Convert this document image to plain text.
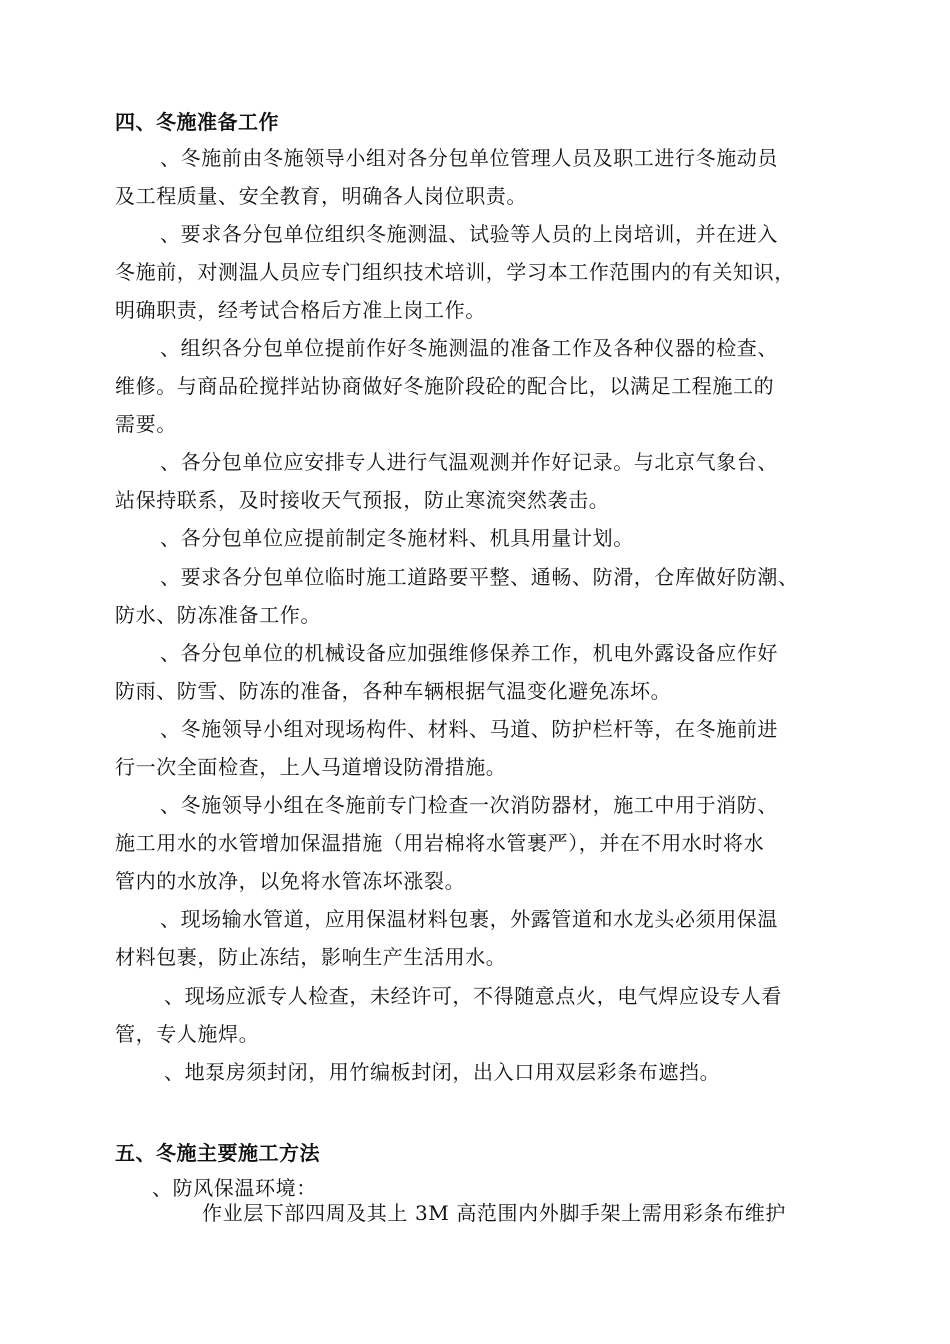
四、冬施准备工作
、冬施前由冬施领导小组对各分包单位管理人员及职工进行冬施动员
及工程质量、安全教育，明确各人岗位职责。
、要求各分包单位组织冬施测温、试验等人员的上岗培训，并在进入
冬施前，对测温人员应专门组织技术培训，学习本工作范围内的有关知识，
明确职责，经考试合格后方准上岗工作。
、组织各分包单位提前作好冬施测温的准备工作及各种仪器的检查、
维修。与商品砼搅拌站协商做好冬施阶段砼的配合比，以满足工程施工的
需要。
、各分包单位应安排专人进行气温观测并作好记录。与北京气象台、
站保持联系，及时接收天气预报，防止寒流突然袭击。
、各分包单位应提前制定冬施材料、机具用量计划。
、要求各分包单位临时施工道路要平整、通畅、防滑，仓库做好防潮、
防水、防冻准备工作。
、各分包单位的机械设备应加强维修保养工作，机电外露设备应作好
防雨、防雪、防冻的准备，各种车辆根据气温变化避免冻坏。
、冬施领导小组对现场构件、材料、马道、防护栏杆等，在冬施前进
行一次全面检查，上人马道增设防滑措施。
、冬施领导小组在冬施前专门检查一次消防器材，施工中用于消防、
施工用水的水管增加保温措施（用岩棉将水管裹严），并在不用水时将水
管内的水放净，以免将水管冻坏涨裂。
、现场输水管道，应用保温材料包裹，外露管道和水龙头必须用保温
材料包裹，防止冻结，影响生产生活用水。
、现场应派专人检查，未经许可，不得随意点火，电气焊应设专人看
管，专人施焊。
、地泵房须封闭，用竹编板封闭，出入口用双层彩条布遮挡。
五、冬施主要施工方法
、防风保温环境：
作业层下部四周及其上 3M 高范围内外脚手架上需用彩条布维护
